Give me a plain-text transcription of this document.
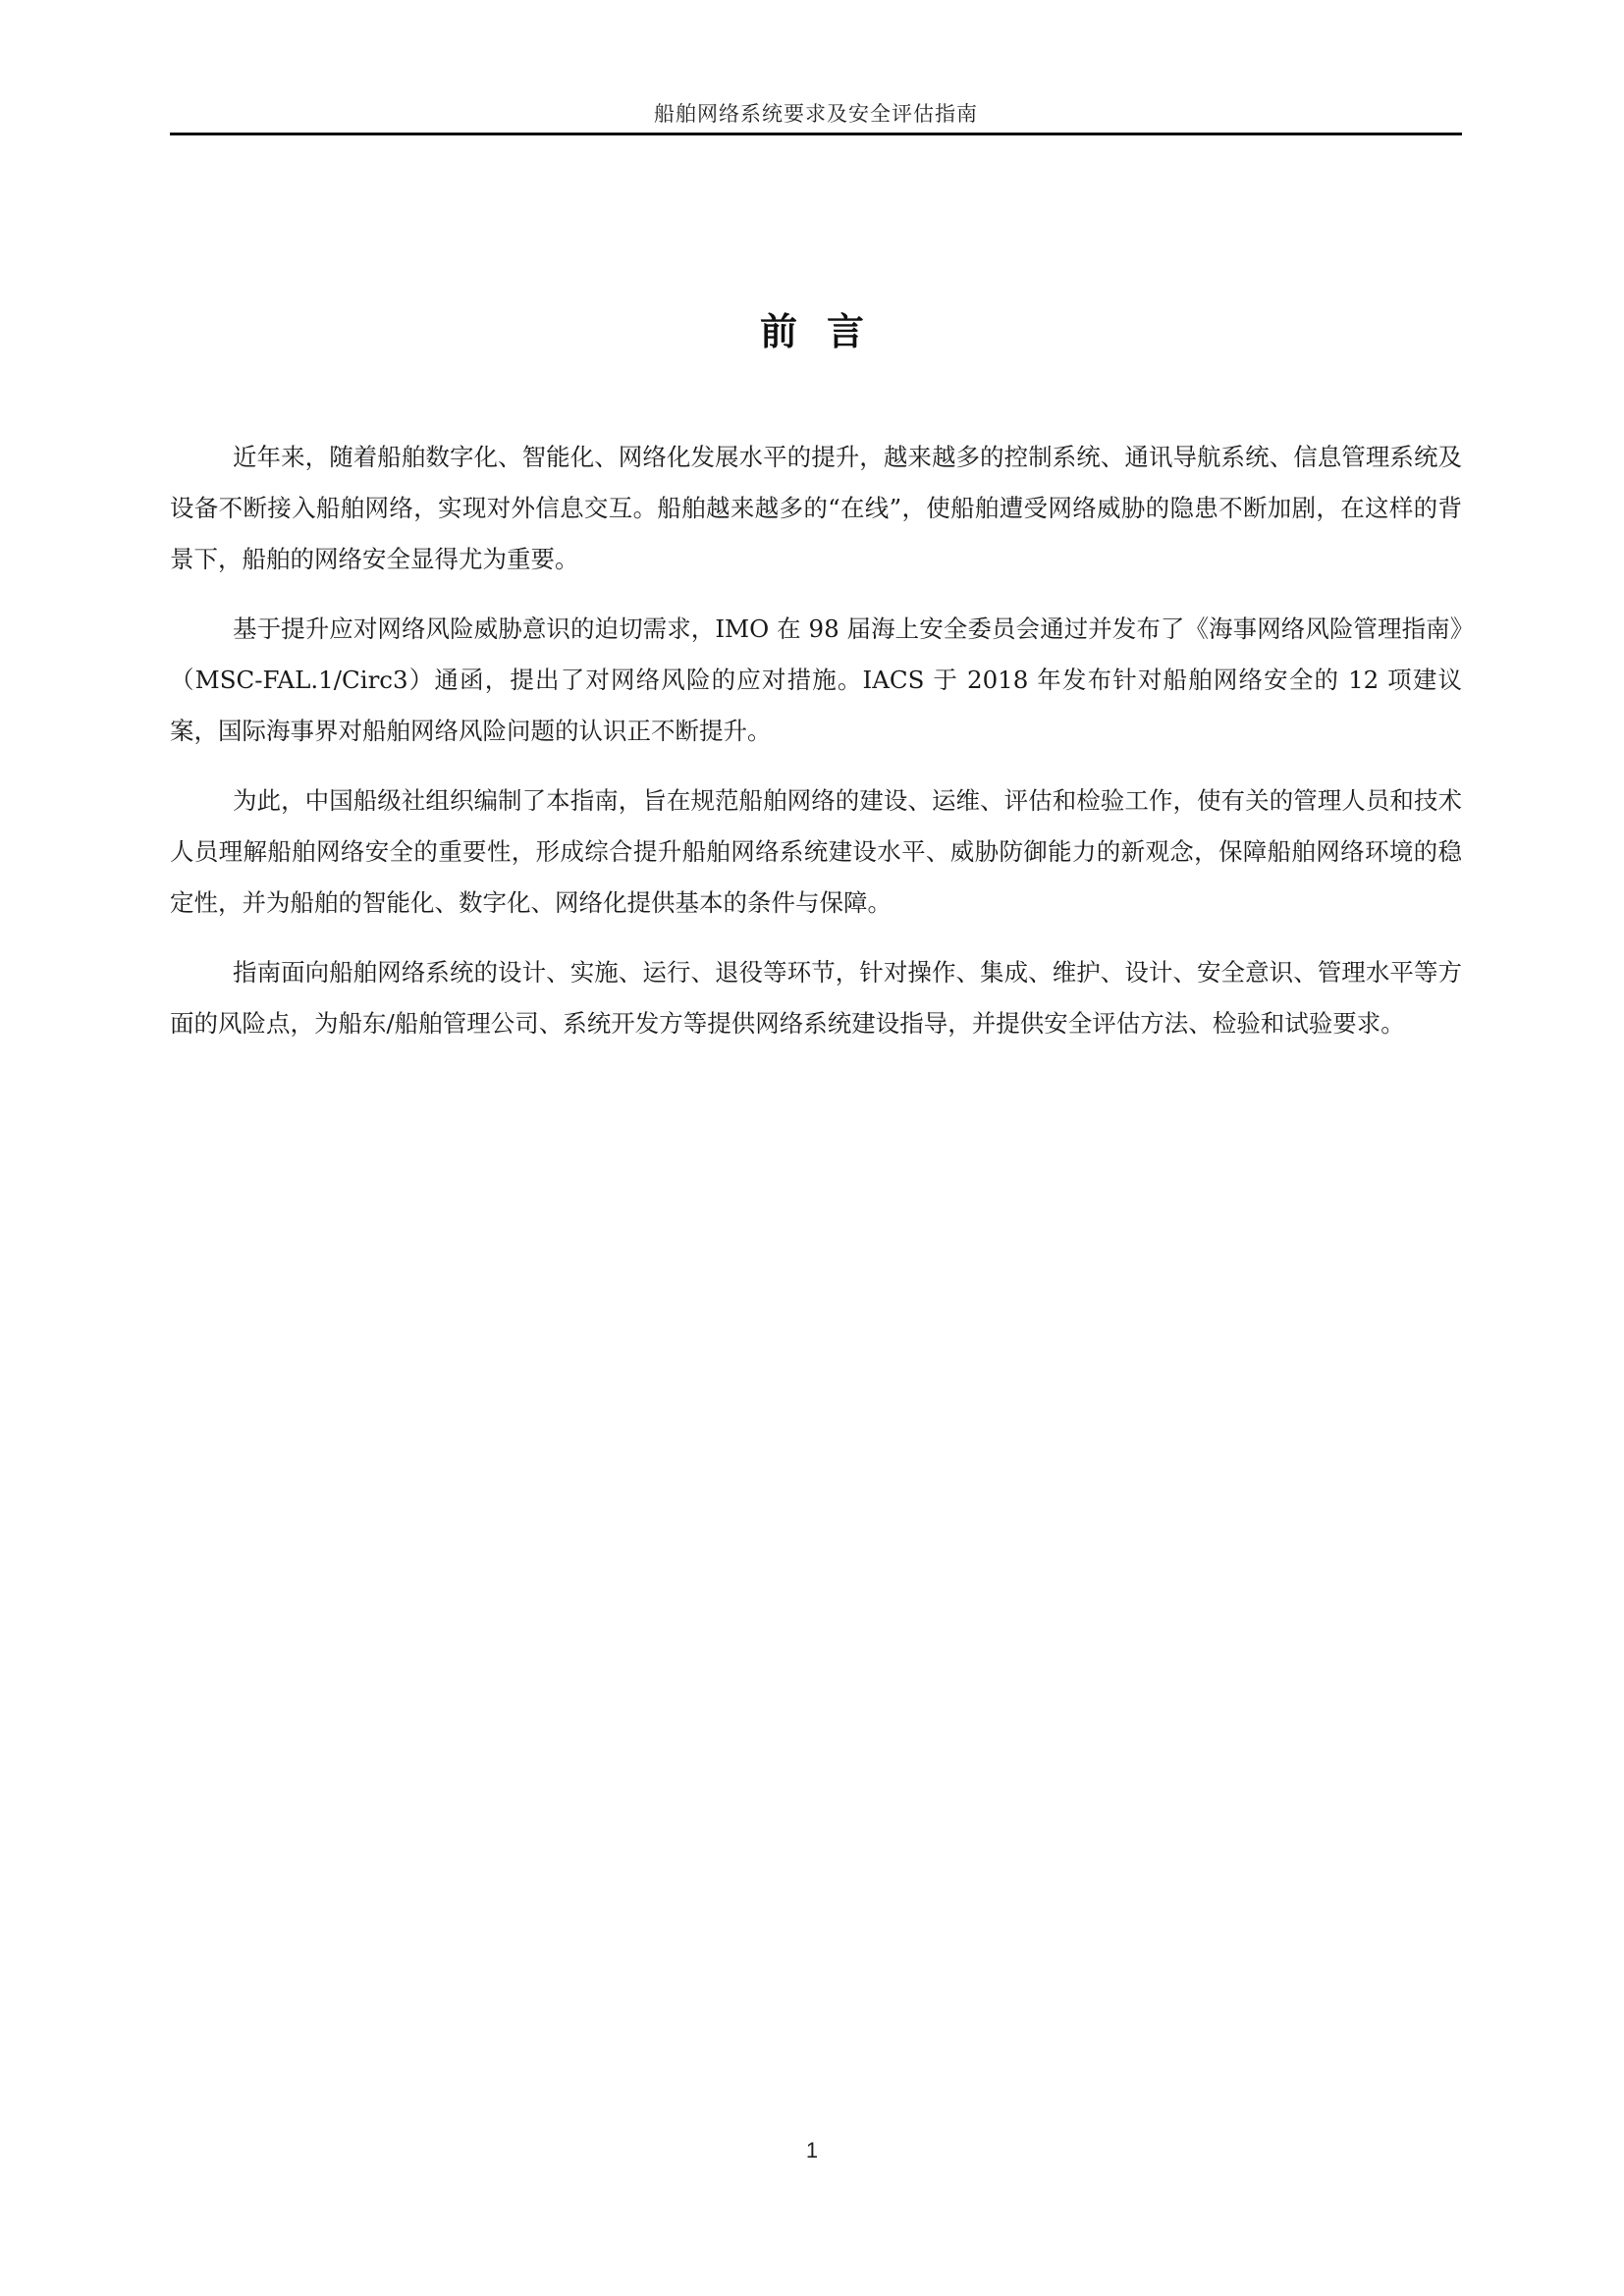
船舶网络系统要求及安全评估指南
前言

近年来，随着船舶数字化、智能化、网络化发展水平的提升，越来越多的控制系统、通讯导航系统、信息管理系统及设备不断接入船舶网络，实现对外信息交互。船舶越来越多的“在线”，使船舶遭受网络威胁的隐患不断加剧，在这样的背景下，船舶的网络安全显得尤为重要。

基于提升应对网络风险威胁意识的迫切需求，IMO 在 98 届海上安全委员会通过并发布了《海事网络风险管理指南》（MSC-FAL.1/Circ3）通函，提出了对网络风险的应对措施。IACS 于 2018 年发布针对船舶网络安全的 12 项建议案，国际海事界对船舶网络风险问题的认识正不断提升。

为此，中国船级社组织编制了本指南，旨在规范船舶网络的建设、运维、评估和检验工作，使有关的管理人员和技术人员理解船舶网络安全的重要性，形成综合提升船舶网络系统建设水平、威胁防御能力的新观念，保障船舶网络环境的稳定性，并为船舶的智能化、数字化、网络化提供基本的条件与保障。

指南面向船舶网络系统的设计、实施、运行、退役等环节，针对操作、集成、维护、设计、安全意识、管理水平等方面的风险点，为船东/船舶管理公司、系统开发方等提供网络系统建设指导，并提供安全评估方法、检验和试验要求。

1
